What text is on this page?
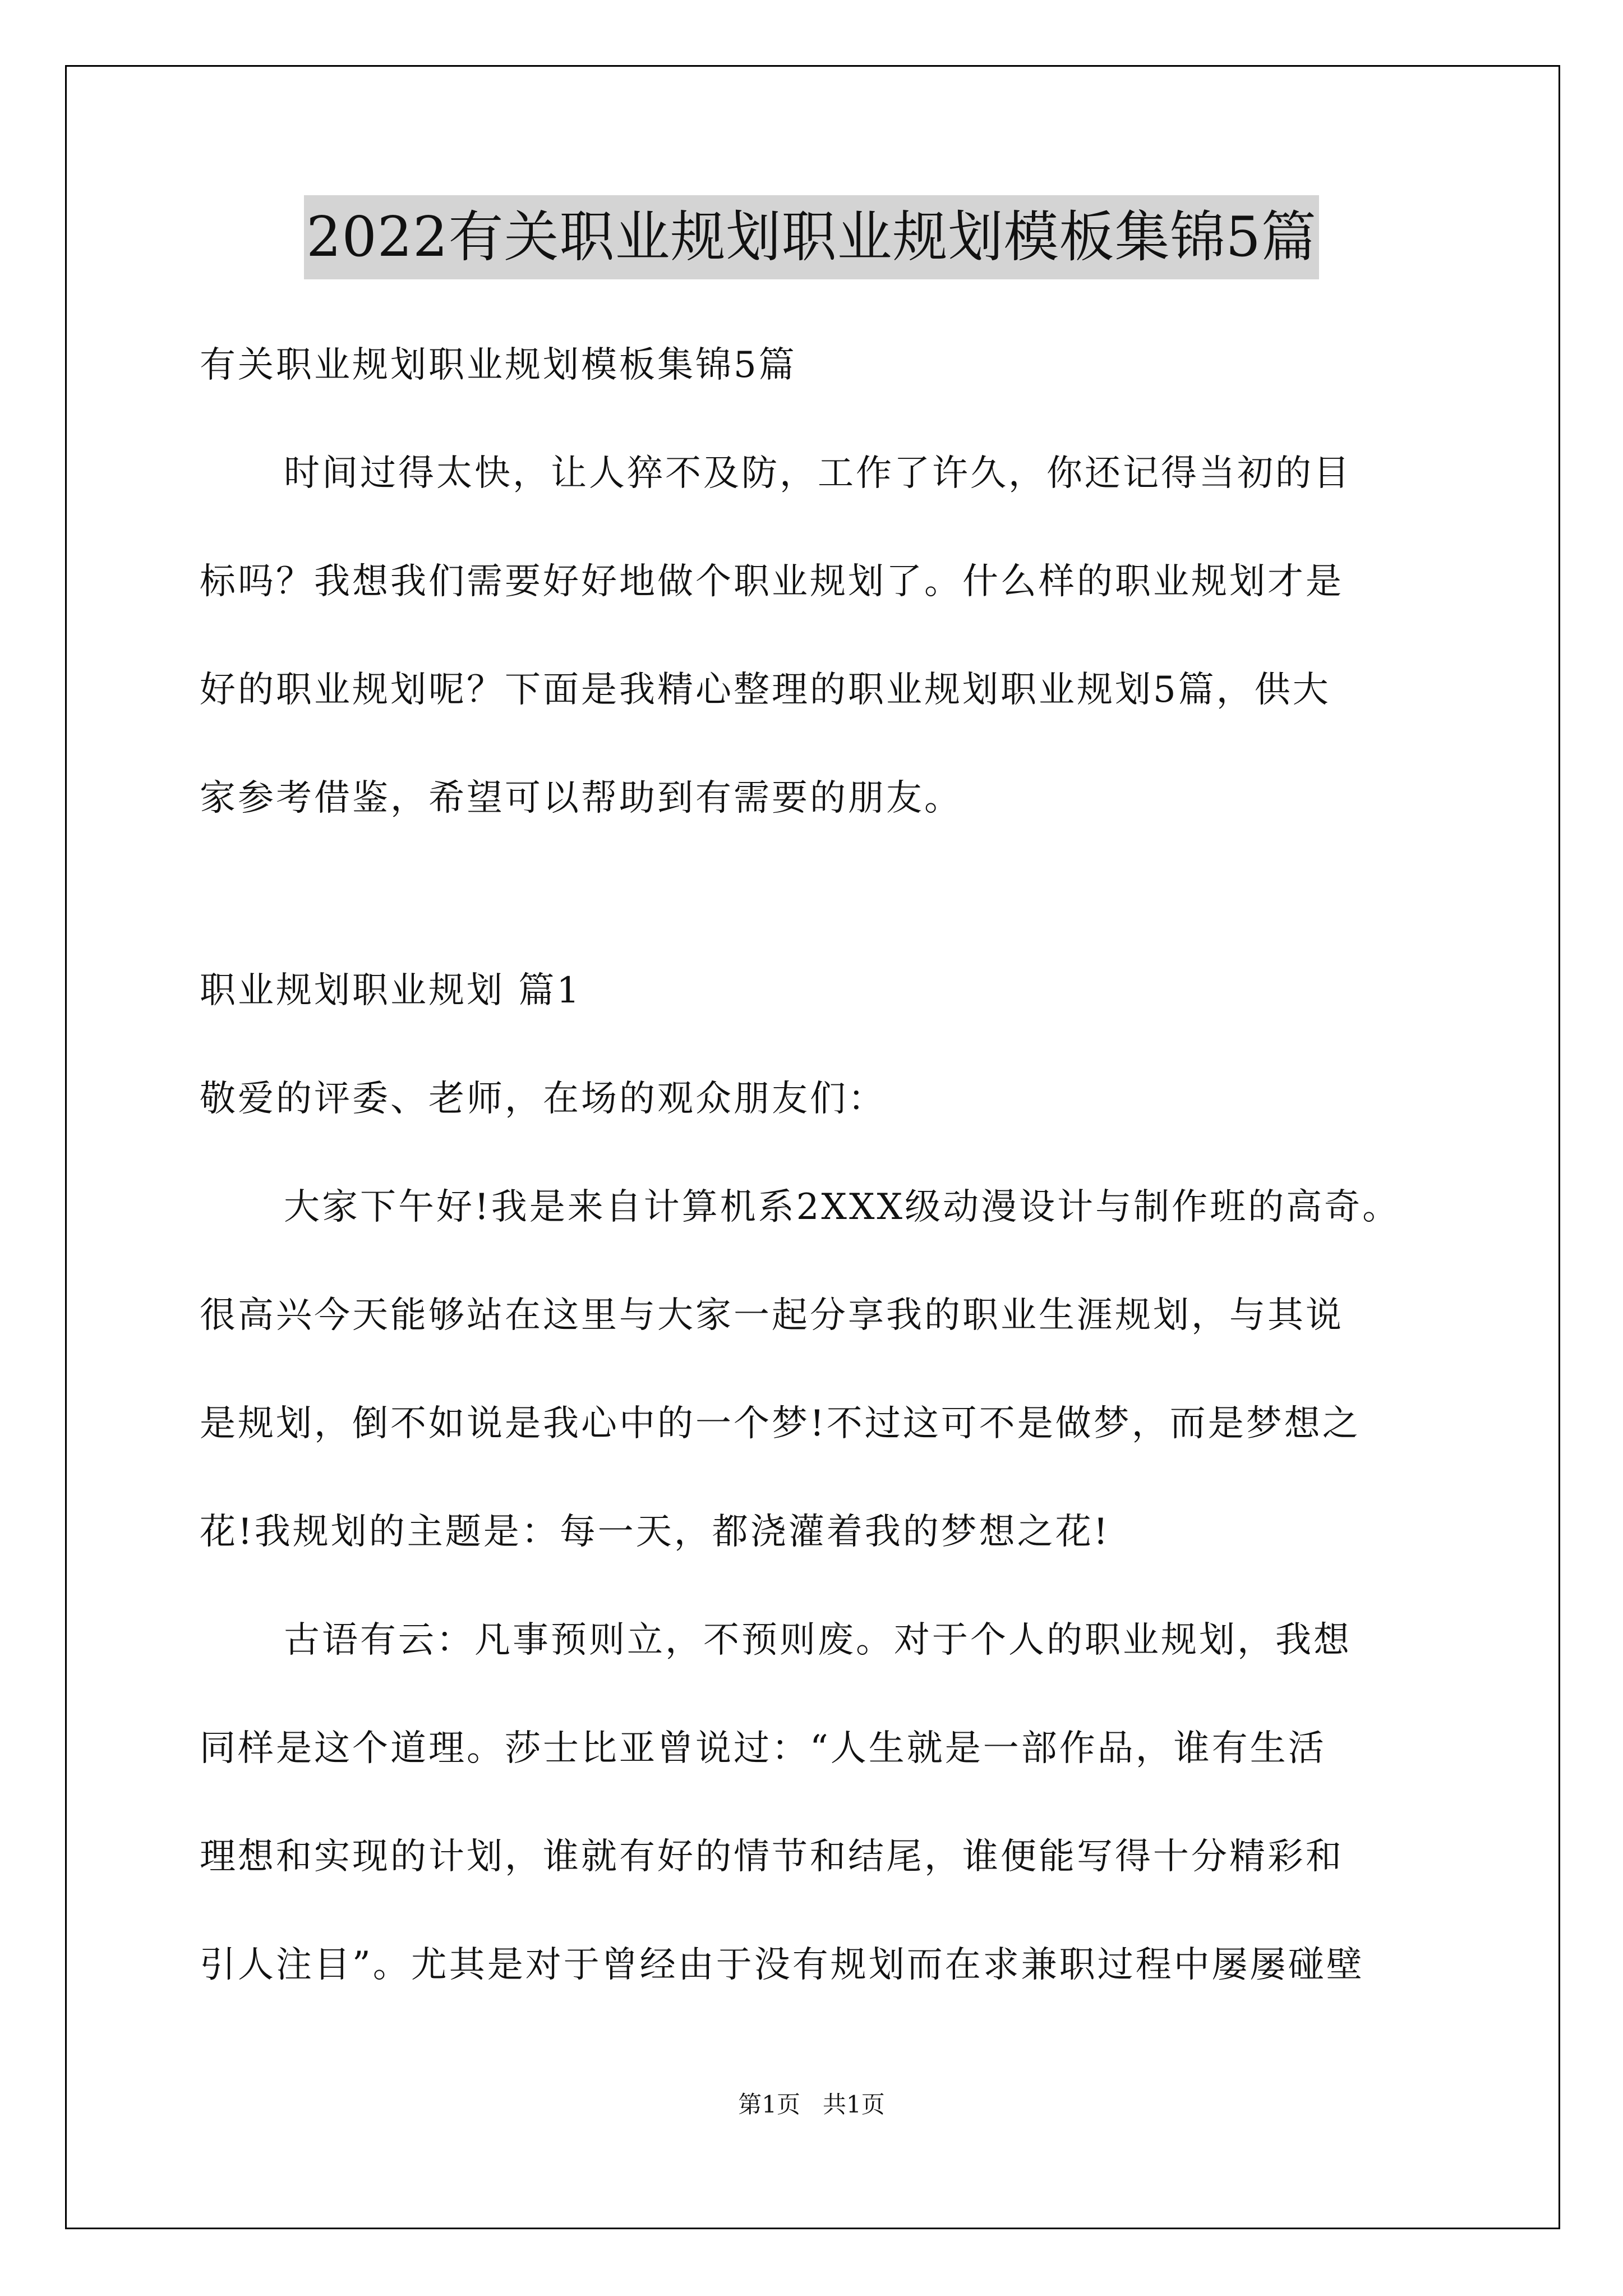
2022有关职业规划职业规划模板集锦5篇
有关职业规划职业规划模板集锦5篇
时间过得太快，让人猝不及防，工作了许久，你还记得当初的目
标吗？我想我们需要好好地做个职业规划了。什么样的职业规划才是
好的职业规划呢？下面是我精心整理的职业规划职业规划5篇，供大
家参考借鉴，希望可以帮助到有需要的朋友。
职业规划职业规划 篇1
敬爱的评委、老师，在场的观众朋友们：
大家下午好!我是来自计算机系2XXX级动漫设计与制作班的高奇。
很高兴今天能够站在这里与大家一起分享我的职业生涯规划，与其说
是规划，倒不如说是我心中的一个梦!不过这可不是做梦，而是梦想之
花!我规划的主题是：每一天，都浇灌着我的梦想之花!
古语有云：凡事预则立，不预则废。对于个人的职业规划，我想
同样是这个道理。莎士比亚曾说过：“人生就是一部作品，谁有生活
理想和实现的计划，谁就有好的情节和结尾，谁便能写得十分精彩和
引人注目”。尤其是对于曾经由于没有规划而在求兼职过程中屡屡碰壁
第1页   共1页
